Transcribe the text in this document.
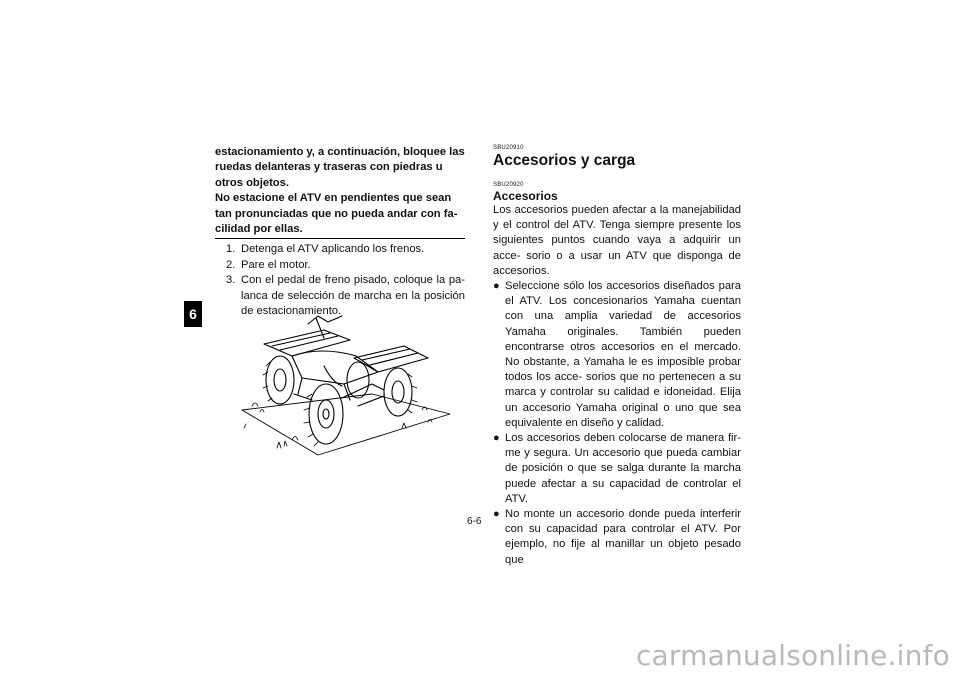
6

estacionamiento y, a continuación, bloquee las
ruedas delanteras y traseras con piedras u
otros objetos.
No estacione el ATV en pendientes que sean
tan pronunciadas que no pueda andar con fa-
cilidad por ellas.

1. Detenga el ATV aplicando los frenos.
2. Pare el motor.
3. Con el pedal de freno pisado, coloque la pa- lanca de selección de marcha en la posición de estacionamiento.

SBU20910

Accesorios y carga

SBU20920

Accesorios

Los accesorios pueden afectar a la manejabilidad y el control del ATV. Tenga siempre presente los siguientes puntos cuando vaya a adquirir un acce- sorio o a usar un ATV que disponga de accesorios.

● Seleccione sólo los accesorios diseñados para el ATV. Los concesionarios Yamaha cuentan con una amplia variedad de accesorios Yamaha originales. También pueden encontrarse otros accesorios en el mercado. No obstante, a Yamaha le es imposible probar todos los acce- sorios que no pertenecen a su marca y controlar su calidad e idoneidad. Elija un accesorio Yamaha original o uno que sea equivalente en diseño y calidad.
● Los accesorios deben colocarse de manera fir- me y segura. Un accesorio que pueda cambiar de posición o que se salga durante la marcha puede afectar a su capacidad de controlar el ATV.
● No monte un accesorio donde pueda interferir con su capacidad para controlar el ATV. Por ejemplo, no fije al manillar un objeto pesado que
6-6
carmanualsonline.info
